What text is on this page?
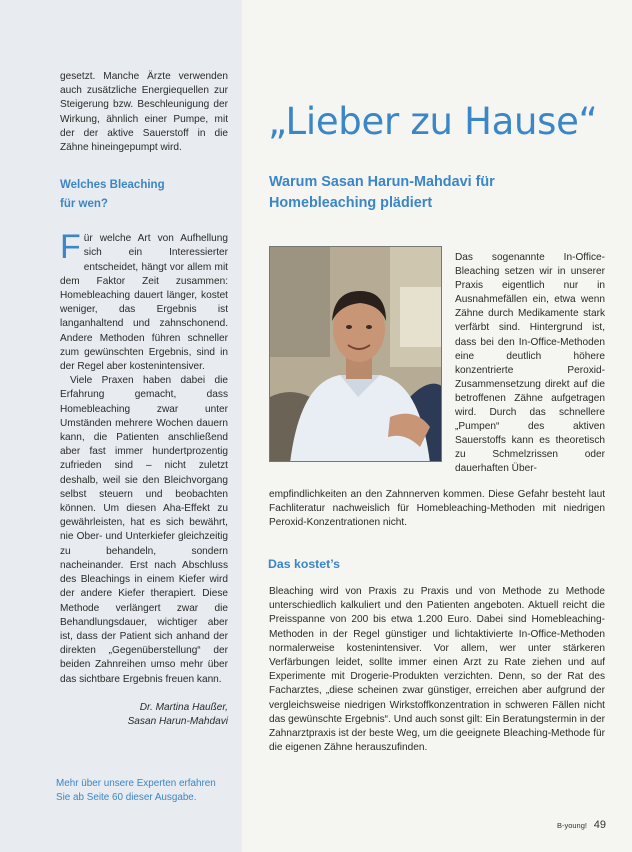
gesetzt. Manche Ärzte verwenden auch zusätzliche Energiequellen zur Steigerung bzw. Beschleunigung der Wirkung, ähnlich einer Pumpe, mit der der aktive Sauerstoff in die Zähne hineingepumpt wird.

Welches Bleaching
für wen?

Für welche Art von Aufhellung sich ein Interessierter entscheidet, hängt vor allem mit dem Faktor Zeit zusammen: Homebleaching dauert länger, kostet weniger, das Ergebnis ist langanhaltend und zahnschonend. Andere Methoden führen schneller zum gewünschten Ergebnis, sind in der Regel aber kostenintensiver.

Viele Praxen haben dabei die Erfahrung gemacht, dass Homebleaching zwar unter Umständen mehrere Wochen dauern kann, die Patienten anschließend aber fast immer hundertprozentig zufrieden sind – nicht zuletzt deshalb, weil sie den Bleichvorgang selbst steuern und beobachten können. Um diesen Aha-Effekt zu gewährleisten, hat es sich bewährt, nie Ober- und Unterkiefer gleichzeitig zu behandeln, sondern nacheinander. Erst nach Abschluss des Bleachings in einem Kiefer wird der andere Kiefer therapiert. Diese Methode verlängert zwar die Behandlungsdauer, wichtiger aber ist, dass der Patient sich anhand der direkten „Gegenüberstellung“ der beiden Zahnreihen umso mehr über das sichtbare Ergebnis freuen kann.

Dr. Martina Haußer,
Sasan Harun-Mahdavi
Mehr über unsere Experten erfahren Sie ab Seite 60 dieser Ausgabe.
„Lieber zu Hause“
Warum Sasan Harun-Mahdavi für Homebleaching plädiert
Das sogenannte In-Office-Bleaching setzen wir in unserer Praxis eigentlich nur in Ausnahmefällen ein, etwa wenn Zähne durch Medikamente stark verfärbt sind. Hintergrund ist, dass bei den In-Office-Methoden eine deutlich höhere konzentrierte Peroxid-Zusammensetzung direkt auf die betroffenen Zähne aufgetragen wird. Durch das schnellere „Pumpen“ des aktiven Sauerstoffs kann es theoretisch zu Schmelzrissen oder dauerhaften Über-
empfindlichkeiten an den Zahnnerven kommen. Diese Gefahr besteht laut Fachliteratur nachweislich für Homebleaching-Methoden mit niedrigen Peroxid-Konzentrationen nicht.
Das kostet’s
Bleaching wird von Praxis zu Praxis und von Methode zu Methode unterschiedlich kalkuliert und den Patienten angeboten. Aktuell reicht die Preisspanne von 200 bis etwa 1.200 Euro. Dabei sind Homebleaching-Methoden in der Regel günstiger und lichtaktivierte In-Office-Methoden normalerweise kostenintensiver. Vor allem, wer unter stärkeren Verfärbungen leidet, sollte immer einen Arzt zu Rate ziehen und auf Experimente mit Drogerie-Produkten verzichten. Denn, so der Rat des Facharztes, „diese scheinen zwar günstiger, erreichen aber aufgrund der vergleichsweise niedrigen Wirkstoffkonzentration in schweren Fällen nicht das gewünschte Ergebnis“. Und auch sonst gilt: Ein Beratungstermin in der Zahnarztpraxis ist der beste Weg, um die geeignete Bleaching-Methode für die eigenen Zähne herauszufinden.
B-young! 49
